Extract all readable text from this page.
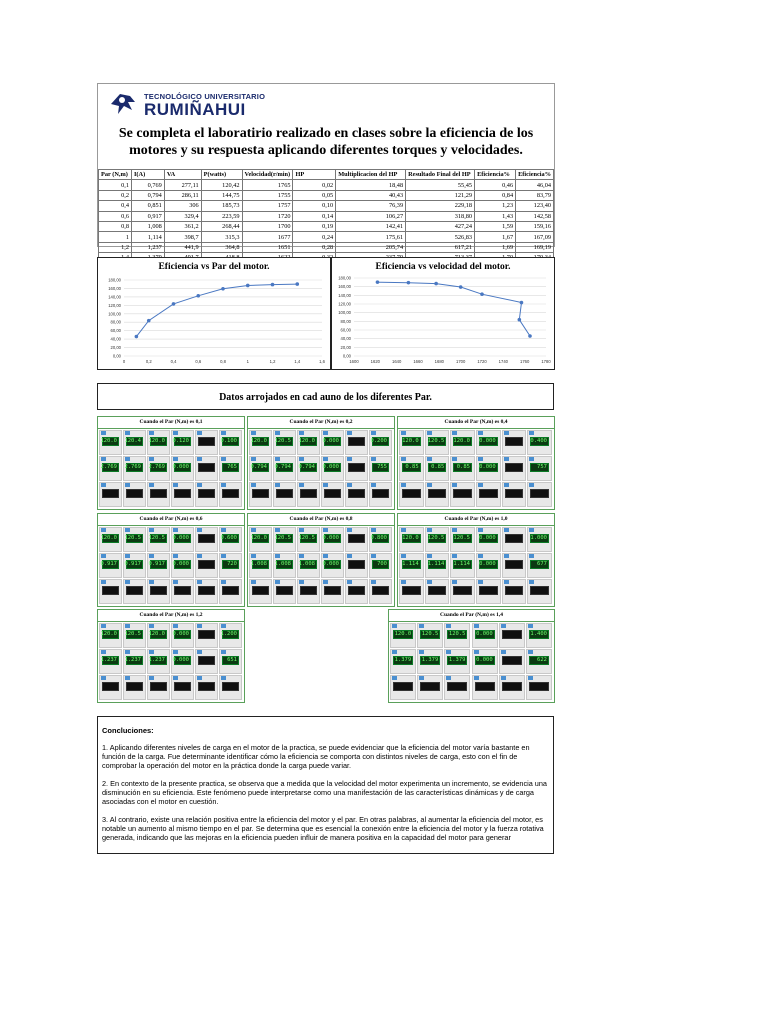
TECNOLÓGICO UNIVERSITARIO
RUMIÑAHUI
Se completa el laboratirio realizado en clases sobre la eficiencia de los motores y su respuesta aplicando diferentes torques y velocidades.
Par (N,m)	I(A)	VA	P(watts)	Velocidad(r/min)	HP	Multiplicacion del HP	Resultado Final del HP	Eficiencia%	Eficiencia%
0,1	0,769	277,11	120,42	1765	0,02	18,48	55,45	0,46	46,04
0,2	0,794	286,11	144,75	1755	0,05	40,43	121,29	0,84	83,79
0,4	0,851	306	185,73	1757	0,10	76,39	229,18	1,23	123,40
0,6	0,917	329,4	223,59	1720	0,14	106,27	318,80	1,43	142,58
0,8	1,008	361,2	268,44	1700	0,19	142,41	427,24	1,59	159,16
1	1,114	398,7	315,3	1677	0,24	175,61	526,83	1,67	167,09
1,2	1,237	441,9	364,8	1651	0,28	205,74	617,21	1,69	169,19

Eficiencia vs Par del motor.
0,00
20,00
40,00
60,00
80,00
100,00
120,00
140,00
160,00
180,00
0	0,2	0,4	0,6	0,8	1	1,2	1,4	1,6
Eficiencia vs velocidad del motor.
0,00
20,00
40,00
60,00
80,00
100,00
120,00
140,00
160,00
180,00
1600	1620	1640	1660	1680	1700	1720	1740	1760	1780
Datos arrojados en cad auno de los diferentes Par.
Cuando el Par (N,m) es 0,1
120.0 120.4 120.0 0.120	0.100
2.769 2.769 2.769 0.000	765
Cuando el Par (N,m) es 0,2
120.0 120.5 120.0 0.000	0.200
0.794 0.794 0.794 0.000	755
Cuando el Par (N,m) es 0,4
120.0 120.5 120.0 0.000	0.400
0.85 0.85 0.85 0.000	757
Cuando el Par (N,m) es 0,6
120.0 120.5 120.5 0.000	0.600
0.917 0.917 0.917 0.000	720
Cuando el Par (N,m) es 0,8
120.0 120.5 120.5 0.000	0.800
1.008 1.008 1.008 0.000	700
Cuando el Par (N,m) es 1,0
120.0 120.5 120.5 0.000	1.000
1.114 1.114 1.114 0.000	677
Cuando el Par (N,m) es 1,2
120.0 120.5 120.0 0.000	1.200
1.237 1.237 1.237 0.000	651
Cuando el Par (N,m) es 1,4
120.0 120.5 120.5 0.000	1.400
1.379 1.379 1.379 0.000	622
Concluciones:

1. Aplicando diferentes niveles de carga en el motor de la practica, se puede evidenciar que la eficiencia del motor varía bastante en función de la carga. Fue determinante identificar cómo la eficiencia se comporta con distintos niveles de carga, esto con el fin de comprobar la operación del motor en la práctica donde la carga puede variar.

2. En contexto de la presente practica, se observa que a medida que la velocidad del motor experimenta un incremento, se evidencia una disminución en su eficiencia. Este fenómeno puede interpretarse como una manifestación de las características dinámicas y de carga asociadas con el motor en cuestión.

3. Al contrario, existe una relación positiva entre la eficiencia del motor y el par. En otras palabras, al aumentar la eficiencia del motor, es notable un aumento al mismo tiempo en el par. Se determina que es esencial la conexión entre la eficiencia del motor y la fuerza rotativa generada, indicando que las mejoras en la eficiencia pueden influir de manera positiva en la capacidad del motor para generar
